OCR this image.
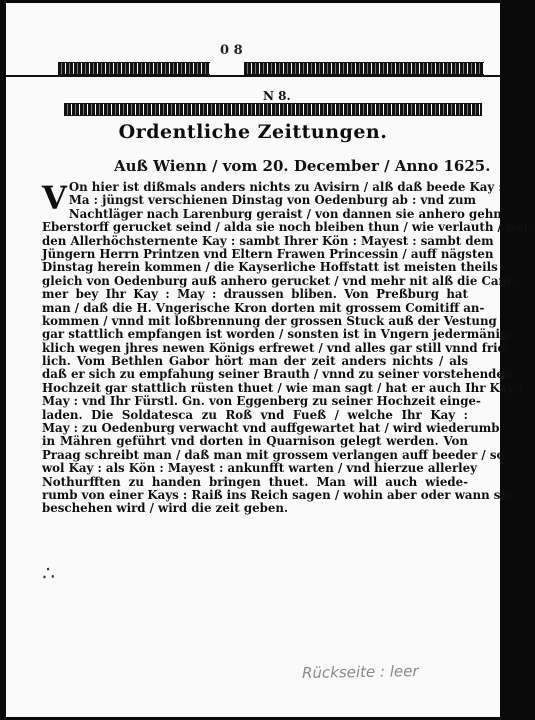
0 8
N 8.
Ordentliche Zeittungen.
Auß Wienn / vom 20. December / Anno 1625.
V On hier ist dißmals anders nichts zu Avisirn / alß daß beede Kay :
Ma : jüngst verschienen Dinstag von Oedenburg ab : vnd zum
Nachtläger nach Larenburg geraist / von dannen sie anhero gehn
Eberstorff gerucket seind / alda sie noch bleiben thun / wie verlauth / wer-
den Allerhöchsternente Kay : sambt Ihrer Kön : Mayest : sambt dem
Jüngern Herrn Printzen vnd Eltern Frawen Princessin / auff nägsten
Dinstag herein kommen / die Kayserliche Hoffstatt ist meisten theils
gleich von Oedenburg auß anhero gerucket / vnd mehr nit alß die Cam-
mer bey Ihr Kay : May : draussen bliben. Von Preßburg hat
man / daß die H. Vngerische Kron dorten mit grossem Comitiff an-
kommen / vnnd mit loßbrennung der grossen Stuck auß der Vestung
gar stattlich empfangen ist worden / sonsten ist in Vngern jedermänig-
klich wegen jhres newen Königs erfrewet / vnd alles gar still vnnd frid-
lich. Vom Bethlen Gabor hört man der zeit anders nichts / als
daß er sich zu empfahung seiner Brauth / vnnd zu seiner vorstehenden
Hochzeit gar stattlich rüsten thuet / wie man sagt / hat er auch Ihr Kay :
May : vnd Ihr Fürstl. Gn. von Eggenberg zu seiner Hochzeit einge-
laden. Die Soldatesca zu Roß vnd Fueß / welche Ihr Kay :
May : zu Oedenburg verwacht vnd auffgewartet hat / wird wiederumb
in Mähren geführt vnd dorten in Quarnison gelegt werden. Von
Praag schreibt man / daß man mit grossem verlangen auff beeder / so
wol Kay : als Kön : Mayest : ankunfft warten / vnd hierzue allerley
Nothurfften zu handen bringen thuet. Man will auch wiede-
rumb von einer Kays : Raiß ins Reich sagen / wohin aber oder wann sie
beschehen wird / wird die zeit geben.
∴
Rückseite : leer
